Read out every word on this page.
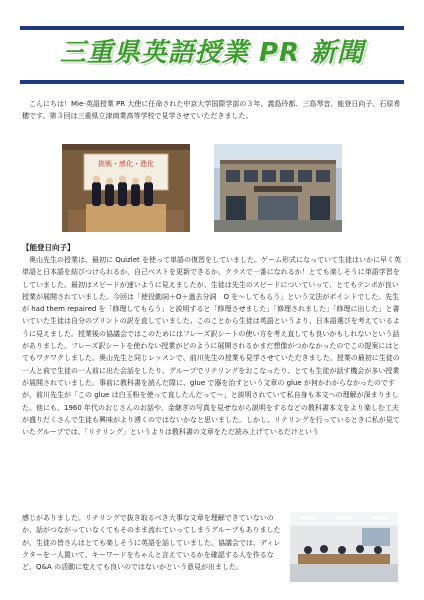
三重県英語授業 PR 新聞

こんにちは！Mie-英語授業 PR 大使に任命された中京大学国際学部の３年、義島玲都、三島琴音、能登日向子、石原希穂です。第３回は三重県立津商業高等学校で見学させていただきました。

挑戦・感化・進化

【能登日向子】

奥山先生の授業は、最初に Quizlet を使って単語の復習をしていました。ゲーム形式になっていて生徒はいかに早く英単語と日本語を結びつけられるか、自己ベストを更新できるか、クラスで一番になれるか！とても楽しそうに単語学習をしていました。最初はスピードが速いように見えましたが、生徒は先生のスピードについていって、とてもテンポが良い授業が展開されていました。今回は「使役動詞＋O＋過去分詞　O を～してもらう」という文法がポイントでした。先生が had them repaired を「修理してもらう」と説明すると「修理させました」「修理されました」「修理に出した」と書いていた生徒は自分のプリントの訳を直していました。このことから生徒は英語というより、日本語選びを考えているように見えました。授業後の協議会ではこのためにはフレーズ訳シートの使い方を考え直しても良いかもしれないという話がありました。フレーズ訳シートを使わない授業がどのように展開されるかまだ想像がつかなかったのでこの提案にはとてもワクワクしました。奥山先生と同じレッスンで、前川先生の授業も見学させていただきました。授業の最初に生徒の一人と前で生徒の一人前に出た会話をしたり、グループでリテリングをおこなったり、とても生徒が話す機会が多い授業が展開されていました。事前に教科書を読んだ際に、glue で器を治すという文章の glue が何かわからなかったのですが、前川先生が「この glue は白玉粉を使って直したんだって～」と説明されていて私自身も本文への理解が深まりました。他にも、1960 年代のおじさんのお話や、金継ぎの写真を見せながら説明をするなどの教科書本文をより楽しむ工夫が盛りだくさんで生徒も興味がより湧くのではないかなと思いました。しかし、リテリングを行っているときに私が見ていたグループでは、「リテリング」というよりは教科書の文章をただ読み上げているだけという

感じがありました。リテリングで抜き取るべき大事な文章を理解できていないのか、話がつながっていなくてもそのまま流れていってしまうグループもありましたが、生徒の皆さんはとても楽しそうに英語を話していました。協議会では、ディレクターを一人置いて、キーワードをちゃんと言えているかを確認する人を作るなど、Q&A の活動に変えても良いのではないかという意見が出ました。
